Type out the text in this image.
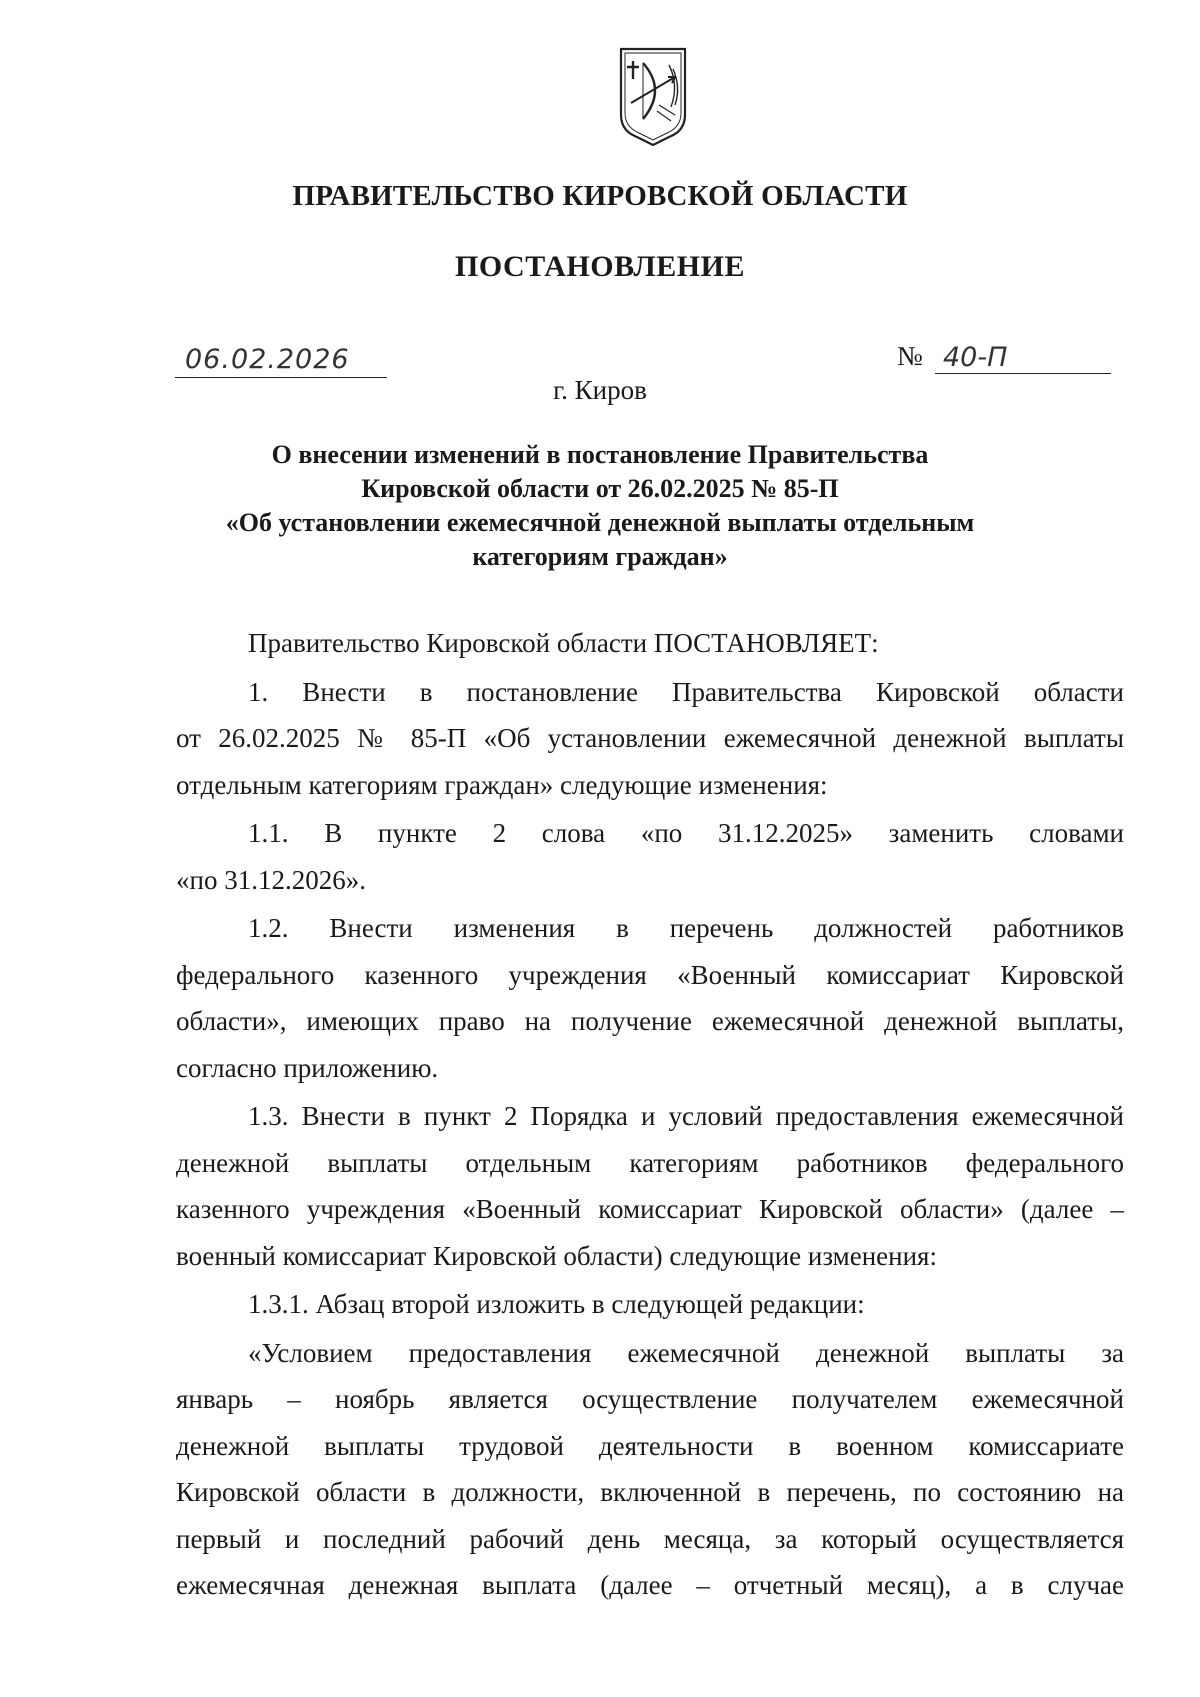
ПРАВИТЕЛЬСТВО КИРОВСКОЙ ОБЛАСТИ
ПОСТАНОВЛЕНИЕ
06.02.2026	№ 40-П
г. Киров
О внесении изменений в постановление Правительства
Кировской области от 26.02.2025 № 85-П
«Об установлении ежемесячной денежной выплаты отдельным
категориям граждан»

Правительство Кировской области ПОСТАНОВЛЯЕТ:

1. Внести в постановление Правительства Кировской области
от 26.02.2025 № 85-П «Об установлении ежемесячной денежной выплаты
отдельным категориям граждан» следующие изменения:

1.1. В пункте 2 слова «по 31.12.2025» заменить словами
«по 31.12.2026».

1.2. Внести изменения в перечень должностей работников
федерального казенного учреждения «Военный комиссариат Кировской
области», имеющих право на получение ежемесячной денежной выплаты,
согласно приложению.

1.3. Внести в пункт 2 Порядка и условий предоставления ежемесячной
денежной выплаты отдельным категориям работников федерального
казенного учреждения «Военный комиссариат Кировской области» (далее –
военный комиссариат Кировской области) следующие изменения:

1.3.1. Абзац второй изложить в следующей редакции:

«Условием предоставления ежемесячной денежной выплаты за
январь – ноябрь является осуществление получателем ежемесячной
денежной выплаты трудовой деятельности в военном комиссариате
Кировской области в должности, включенной в перечень, по состоянию на
первый и последний рабочий день месяца, за который осуществляется
ежемесячная денежная выплата (далее – отчетный месяц), а в случае
